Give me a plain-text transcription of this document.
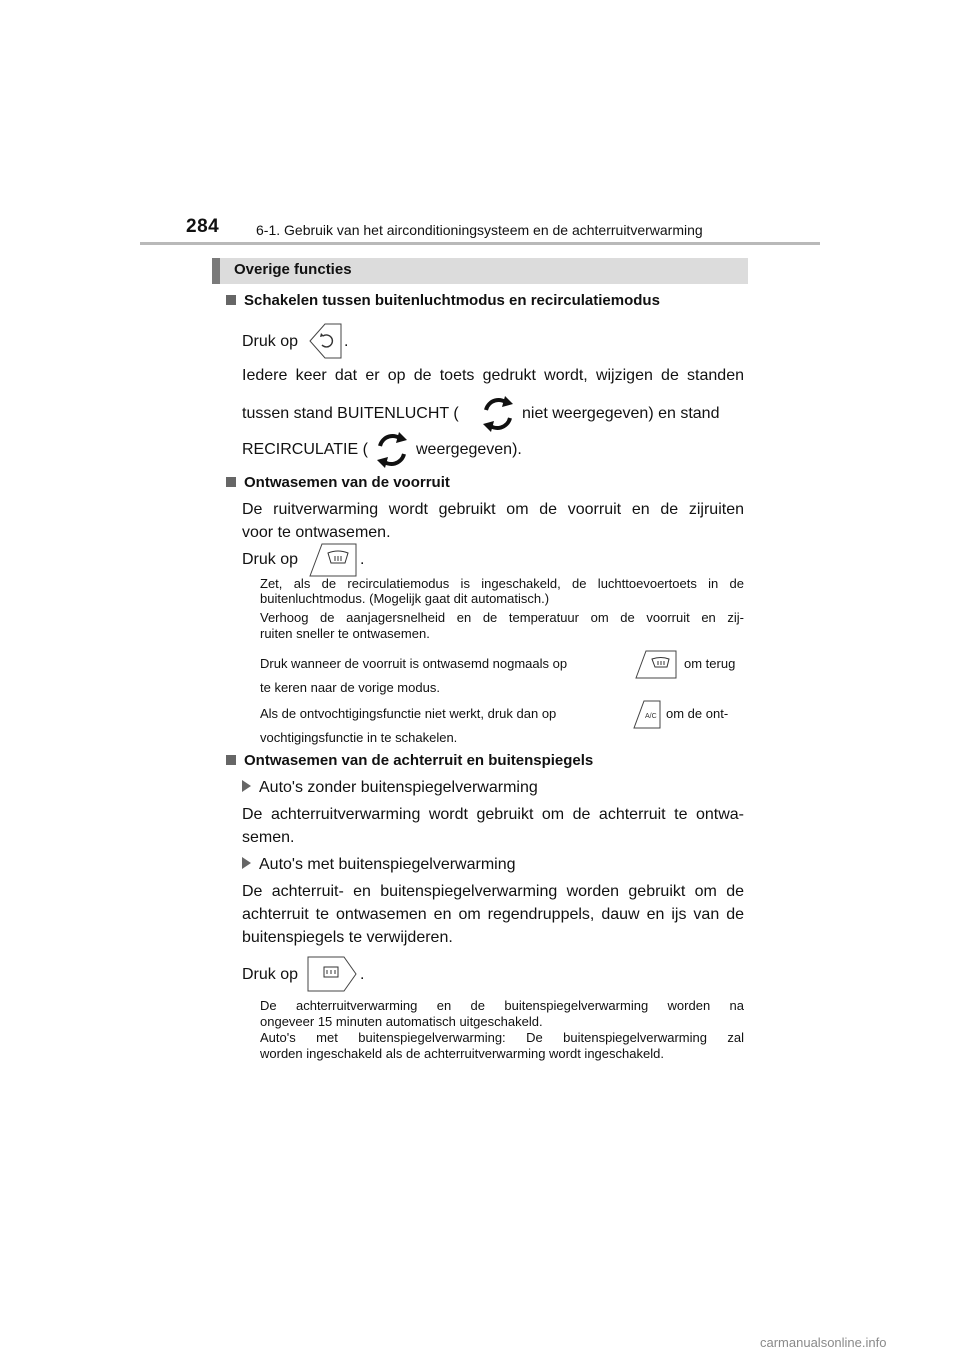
284	6-1. Gebruik van het airconditioningsysteem en de achterruitverwarming
Overige functies
Schakelen tussen buitenluchtmodus en recirculatiemodus
Druk op	.
Iedere keer dat er op de toets gedrukt wordt, wijzigen de standen
tussen stand BUITENLUCHT (	niet weergegeven) en stand
RECIRCULATIE (	weergegeven).
Ontwasemen van de voorruit
De ruitverwarming wordt gebruikt om de voorruit en de zijruiten
voor te ontwasemen.
Druk op	.
Zet, als de recirculatiemodus is ingeschakeld, de luchttoevoertoets in de
buitenluchtmodus. (Mogelijk gaat dit automatisch.)
Verhoog de aanjagersnelheid en de temperatuur om de voorruit en zij-
ruiten sneller te ontwasemen.
Druk wanneer de voorruit is ontwasemd nogmaals op	om terug
te keren naar de vorige modus.
Als de ontvochtigingsfunctie niet werkt, druk dan op	A/C om de ont-
vochtigingsfunctie in te schakelen.
Ontwasemen van de achterruit en buitenspiegels
Auto's zonder buitenspiegelverwarming
De achterruitverwarming wordt gebruikt om de achterruit te ontwa-
semen.
Auto's met buitenspiegelverwarming
De achterruit- en buitenspiegelverwarming worden gebruikt om de
achterruit te ontwasemen en om regendruppels, dauw en ijs van de
buitenspiegels te verwijderen.
Druk op	.
De achterruitverwarming en de buitenspiegelverwarming worden na
ongeveer 15 minuten automatisch uitgeschakeld.
Auto's met buitenspiegelverwarming: De buitenspiegelverwarming zal
worden ingeschakeld als de achterruitverwarming wordt ingeschakeld.
carmanualsonline.info
